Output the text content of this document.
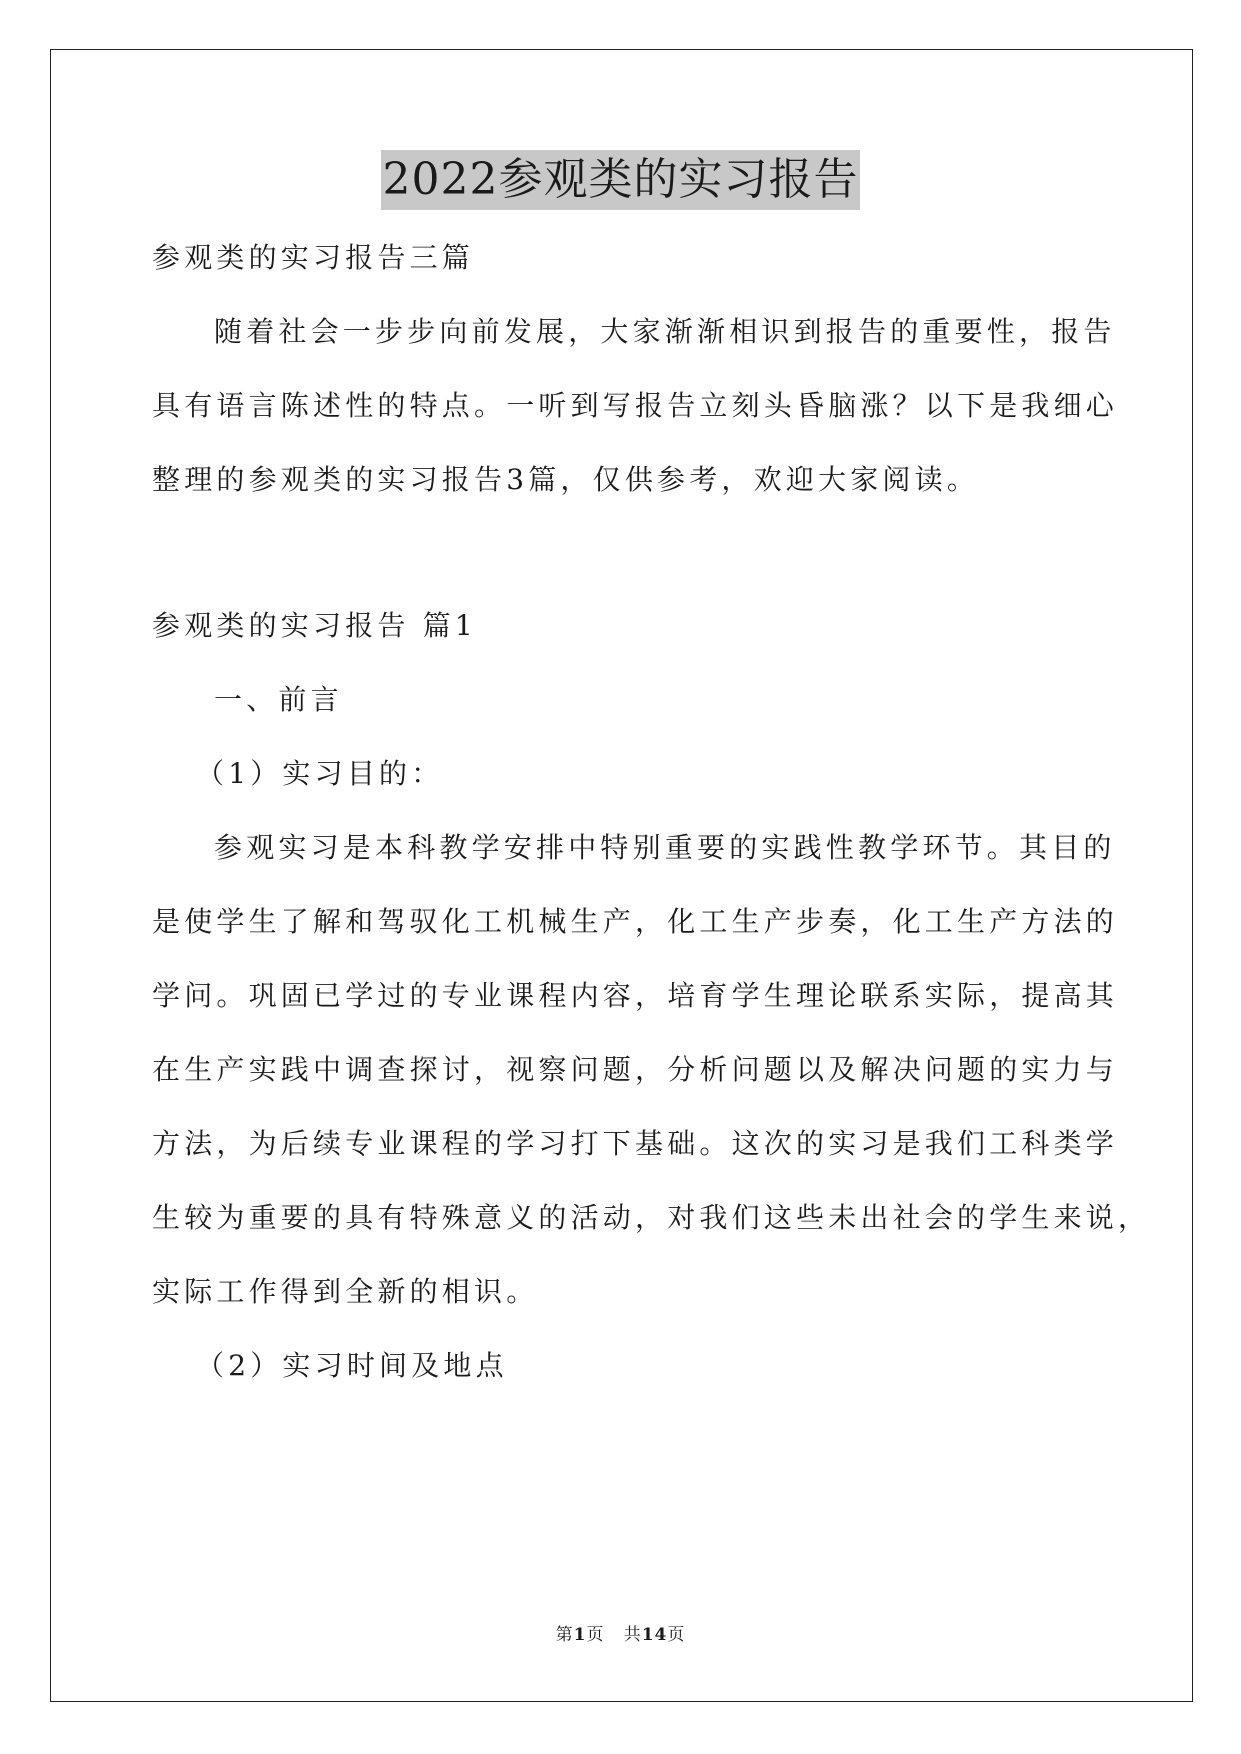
2022参观类的实习报告
参观类的实习报告三篇
随着社会一步步向前发展，大家渐渐相识到报告的重要性，报告
具有语言陈述性的特点。一听到写报告立刻头昏脑涨？以下是我细心
整理的参观类的实习报告3篇，仅供参考，欢迎大家阅读。
参观类的实习报告 篇1
一、前言
（1）实习目的：
参观实习是本科教学安排中特别重要的实践性教学环节。其目的
是使学生了解和驾驭化工机械生产，化工生产步奏，化工生产方法的
学问。巩固已学过的专业课程内容，培育学生理论联系实际，提高其
在生产实践中调查探讨，视察问题，分析问题以及解决问题的实力与
方法，为后续专业课程的学习打下基础。这次的实习是我们工科类学
生较为重要的具有特殊意义的活动，对我们这些未出社会的学生来说，
实际工作得到全新的相识。
（2）实习时间及地点
第1页 共14页
